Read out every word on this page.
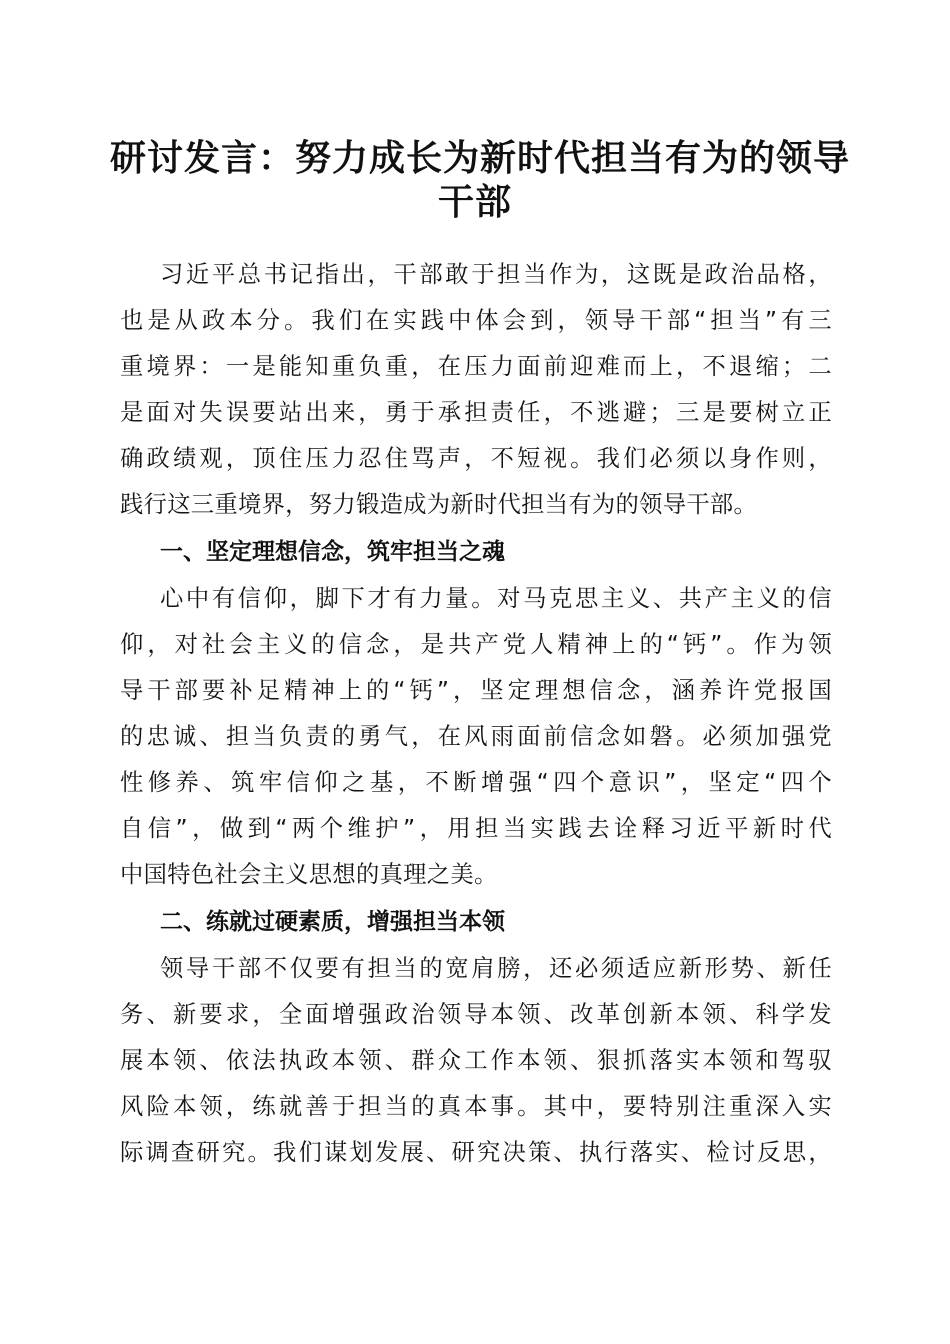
研讨发言：努力成长为新时代担当有为的领导
干部
习近平总书记指出，干部敢于担当作为，这既是政治品格，
也是从政本分。我们在实践中体会到，领导干部“担当”有三
重境界：一是能知重负重，在压力面前迎难而上，不退缩；二
是面对失误要站出来，勇于承担责任，不逃避；三是要树立正
确政绩观，顶住压力忍住骂声，不短视。我们必须以身作则，
践行这三重境界，努力锻造成为新时代担当有为的领导干部。
一、坚定理想信念，筑牢担当之魂
心中有信仰，脚下才有力量。对马克思主义、共产主义的信
仰，对社会主义的信念，是共产党人精神上的“钙”。作为领
导干部要补足精神上的“钙”，坚定理想信念，涵养许党报国
的忠诚、担当负责的勇气，在风雨面前信念如磐。必须加强党
性修养、筑牢信仰之基，不断增强“四个意识”，坚定“四个
自信”，做到“两个维护”，用担当实践去诠释习近平新时代
中国特色社会主义思想的真理之美。
二、练就过硬素质，增强担当本领
领导干部不仅要有担当的宽肩膀，还必须适应新形势、新任
务、新要求，全面增强政治领导本领、改革创新本领、科学发
展本领、依法执政本领、群众工作本领、狠抓落实本领和驾驭
风险本领，练就善于担当的真本事。其中，要特别注重深入实
际调查研究。我们谋划发展、研究决策、执行落实、检讨反思，
